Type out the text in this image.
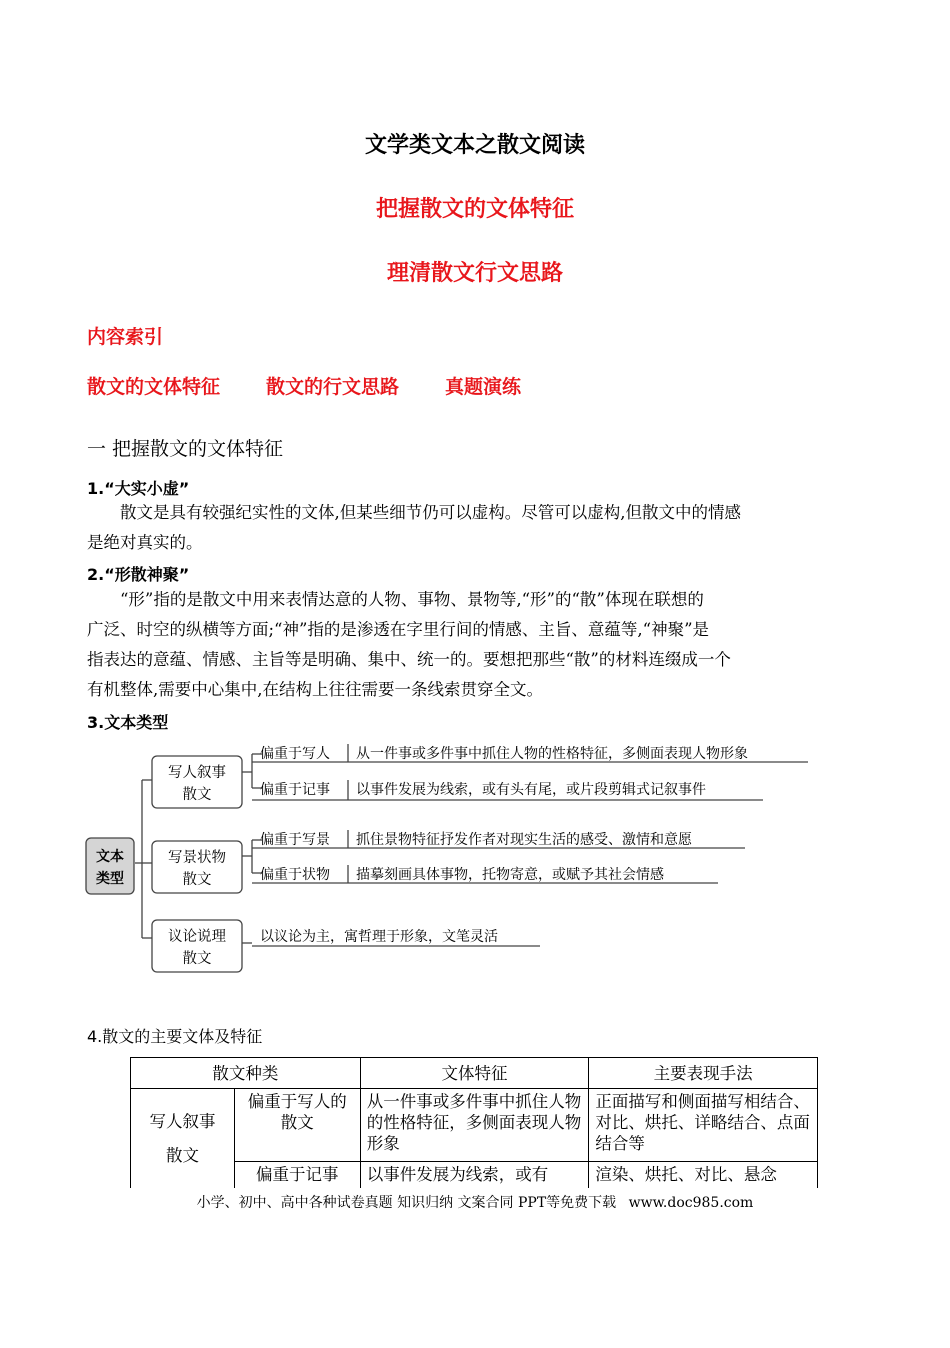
文学类文本之散文阅读
把握散文的文体特征
理清散文行文思路
内容索引
散文的文体特征 散文的行文思路 真题演练
一 把握散文的文体特征
1.“大实小虚”
散文是具有较强纪实性的文体,但某些细节仍可以虚构。尽管可以虚构,但散文中的情感
是绝对真实的。
2.“形散神聚”
“形”指的是散文中用来表情达意的人物、事物、景物等,“形”的“散”体现在联想的
广泛、时空的纵横等方面;“神”指的是渗透在字里行间的情感、主旨、意蕴等,“神聚”是
指表达的意蕴、情感、主旨等是明确、集中、统一的。要想把那些“散”的材料连缀成一个
有机整体,需要中心集中,在结构上往往需要一条线索贯穿全文。
3.文本类型
文本
类型
写人叙事
散文
写景状物
散文
议论说理
散文
偏重于写人 从一件事或多件事中抓住人物的性格特征，多侧面表现人物形象
偏重于记事 以事件发展为线索，或有头有尾，或片段剪辑式记叙事件
偏重于写景 抓住景物特征抒发作者对现实生活的感受、激情和意愿
偏重于状物 描摹刻画具体事物，托物寄意，或赋予其社会情感
以议论为主，寓哲理于形象，文笔灵活
4.散文的主要文体及特征
散文种类		文体特征	主要表现手法
写人叙事散文	偏重于写人的散文	从一件事或多件事中抓住人物的性格特征，多侧面表现人物形象	正面描写和侧面描写相结合、对比、烘托、详略结合、点面结合等
	偏重于记事	以事件发展为线索，或有	渲染、烘托、对比、悬念
小学、初中、高中各种试卷真题 知识归纳 文案合同 PPT等免费下载 www.doc985.com
